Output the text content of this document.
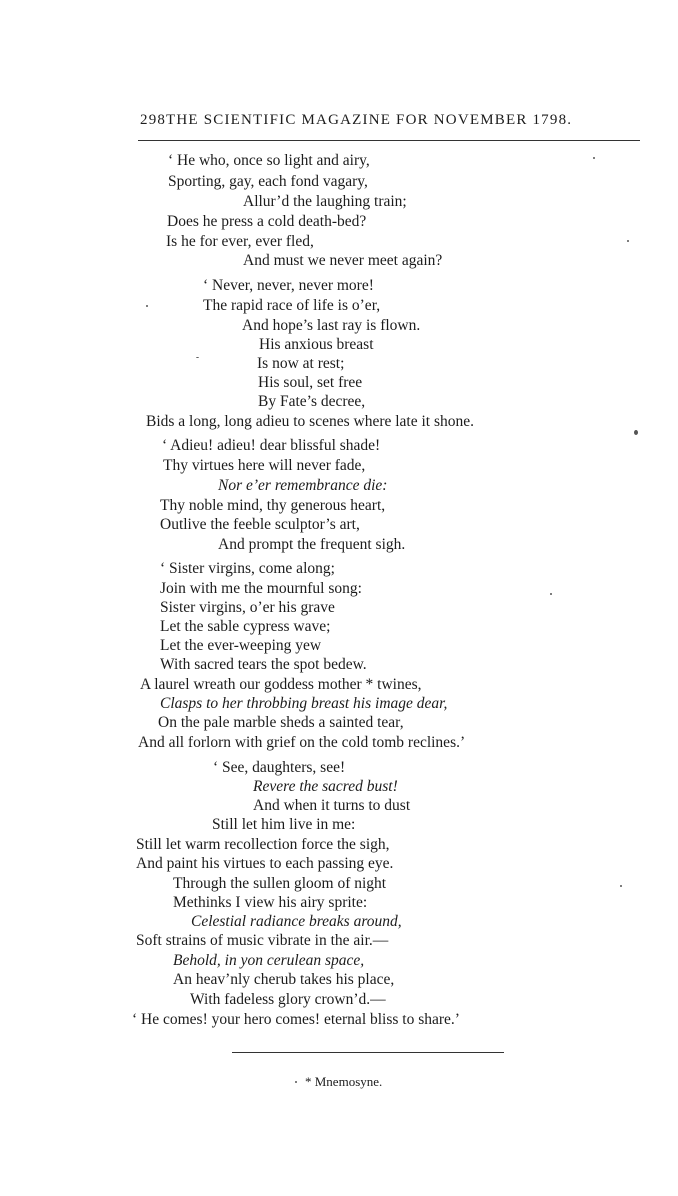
298 THE SCIENTIFIC MAGAZINE FOR NOVEMBER 1798.
‘ He who, once so light and airy,
Sporting, gay, each fond vagary,
Allur’d the laughing train;
Does he press a cold death-bed?
Is he for ever, ever fled,
And must we never meet again?
‘ Never, never, never more!
The rapid race of life is o’er,
And hope’s last ray is flown.
His anxious breast
Is now at rest;
His soul, set free
By Fate’s decree,
Bids a long, long adieu to scenes where late it shone.
‘ Adieu! adieu! dear blissful shade!
Thy virtues here will never fade,
Nor e’er remembrance die:
Thy noble mind, thy generous heart,
Outlive the feeble sculptor’s art,
And prompt the frequent sigh.
‘ Sister virgins, come along;
Join with me the mournful song:
Sister virgins, o’er his grave
Let the sable cypress wave;
Let the ever-weeping yew
With sacred tears the spot bedew.
A laurel wreath our goddess mother * twines,
Clasps to her throbbing breast his image dear,
On the pale marble sheds a sainted tear,
And all forlorn with grief on the cold tomb reclines.’
‘ See, daughters, see!
Revere the sacred bust!
And when it turns to dust
Still let him live in me:
Still let warm recollection force the sigh,
And paint his virtues to each passing eye.
Through the sullen gloom of night
Methinks I view his airy sprite:
Celestial radiance breaks around,
Soft strains of music vibrate in the air.—
Behold, in yon cerulean space,
An heav’nly cherub takes his place,
With fadeless glory crown’d.—
‘ He comes! your hero comes! eternal bliss to share.’
* Mnemosyne.
